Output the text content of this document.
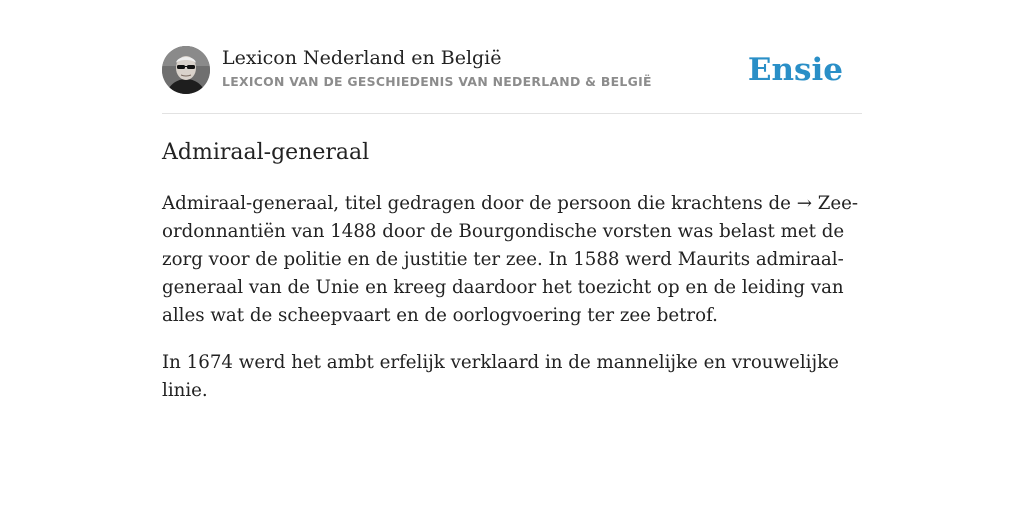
Lexicon Nederland en België
LEXICON VAN DE GESCHIEDENIS VAN NEDERLAND & BELGIË	Ensie
Admiraal-generaal

Admiraal-generaal, titel gedragen door de persoon die krachtens de → Zee-ordonnantiën van 1488 door de Bourgondische vorsten was belast met de zorg voor de politie en de justitie ter zee. In 1588 werd Maurits admiraal-generaal van de Unie en kreeg daardoor het toezicht op en de leiding van alles wat de scheepvaart en de oorlogvoering ter zee betrof.

In 1674 werd het ambt erfelijk verklaard in de mannelijke en vrouwelijke linie.
